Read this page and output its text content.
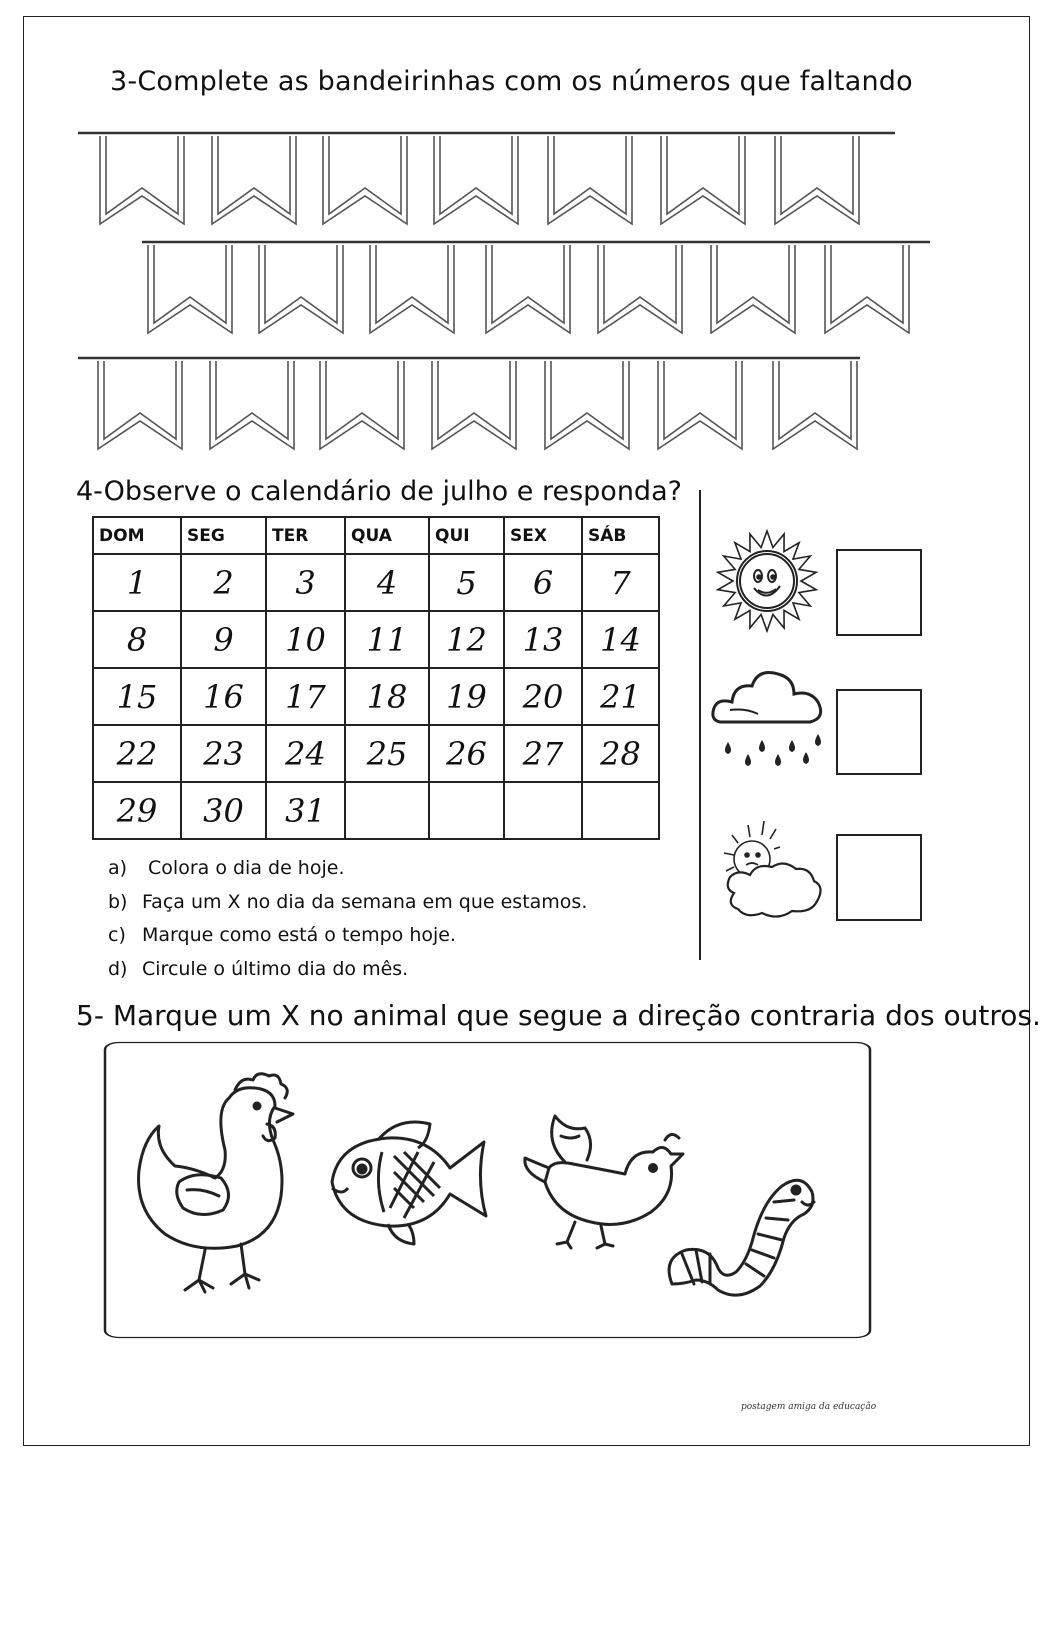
3-Complete as bandeirinhas com os números que faltando
4-Observe o calendário de julho e responda?
DOM	SEG	TER	QUA	QUI	SEX	SÁB
1	2	3	4	5	6	7
8	9	10	11	12	13	14
15	16	17	18	19	20	21
22	23	24	25	26	27	28
29	30	31				
a) Colora o dia de hoje.
b) Faça um X no dia da semana em que estamos.
c) Marque como está o tempo hoje.
d) Circule o último dia do mês.
5- Marque um X no animal que segue a direção contraria dos outros.
postagem amiga da educação
